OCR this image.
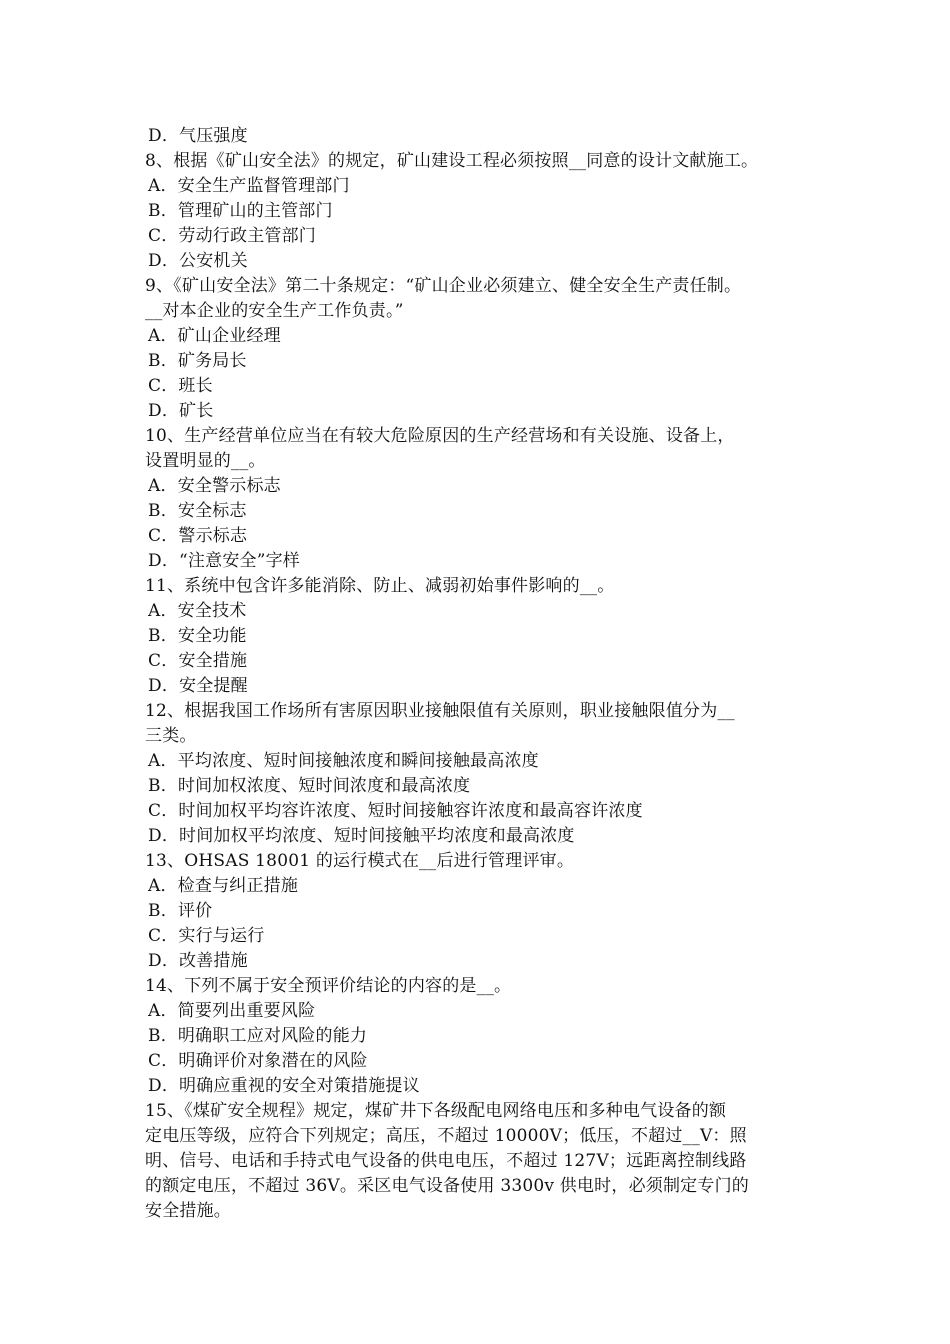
D．气压强度
8、根据《矿山安全法》的规定，矿山建设工程必须按照__同意的设计文献施工。
A．安全生产监督管理部门
B．管理矿山的主管部门
C．劳动行政主管部门
D．公安机关
9、《矿山安全法》第二十条规定：“矿山企业必须建立、健全安全生产责任制。
__对本企业的安全生产工作负责。”
A．矿山企业经理
B．矿务局长
C．班长
D．矿长
10、生产经营单位应当在有较大危险原因的生产经营场和有关设施、设备上，
设置明显的__。
A．安全警示标志
B．安全标志
C．警示标志
D．“注意安全”字样
11、系统中包含许多能消除、防止、减弱初始事件影响的__。
A．安全技术
B．安全功能
C．安全措施
D．安全提醒
12、根据我国工作场所有害原因职业接触限值有关原则，职业接触限值分为__
三类。
A．平均浓度、短时间接触浓度和瞬间接触最高浓度
B．时间加权浓度、短时间浓度和最高浓度
C．时间加权平均容许浓度、短时间接触容许浓度和最高容许浓度
D．时间加权平均浓度、短时间接触平均浓度和最高浓度
13、OHSAS 18001 的运行模式在__后进行管理评审。
A．检查与纠正措施
B．评价
C．实行与运行
D．改善措施
14、下列不属于安全预评价结论的内容的是__。
A．简要列出重要风险
B．明确职工应对风险的能力
C．明确评价对象潜在的风险
D．明确应重视的安全对策措施提议
15、《煤矿安全规程》规定，煤矿井下各级配电网络电压和多种电气设备的额
定电压等级，应符合下列规定；高压，不超过 10000V；低压，不超过__V：照
明、信号、电话和手持式电气设备的供电电压，不超过 127V；远距离控制线路
的额定电压，不超过 36V。采区电气设备使用 3300v 供电时，必须制定专门的
安全措施。
